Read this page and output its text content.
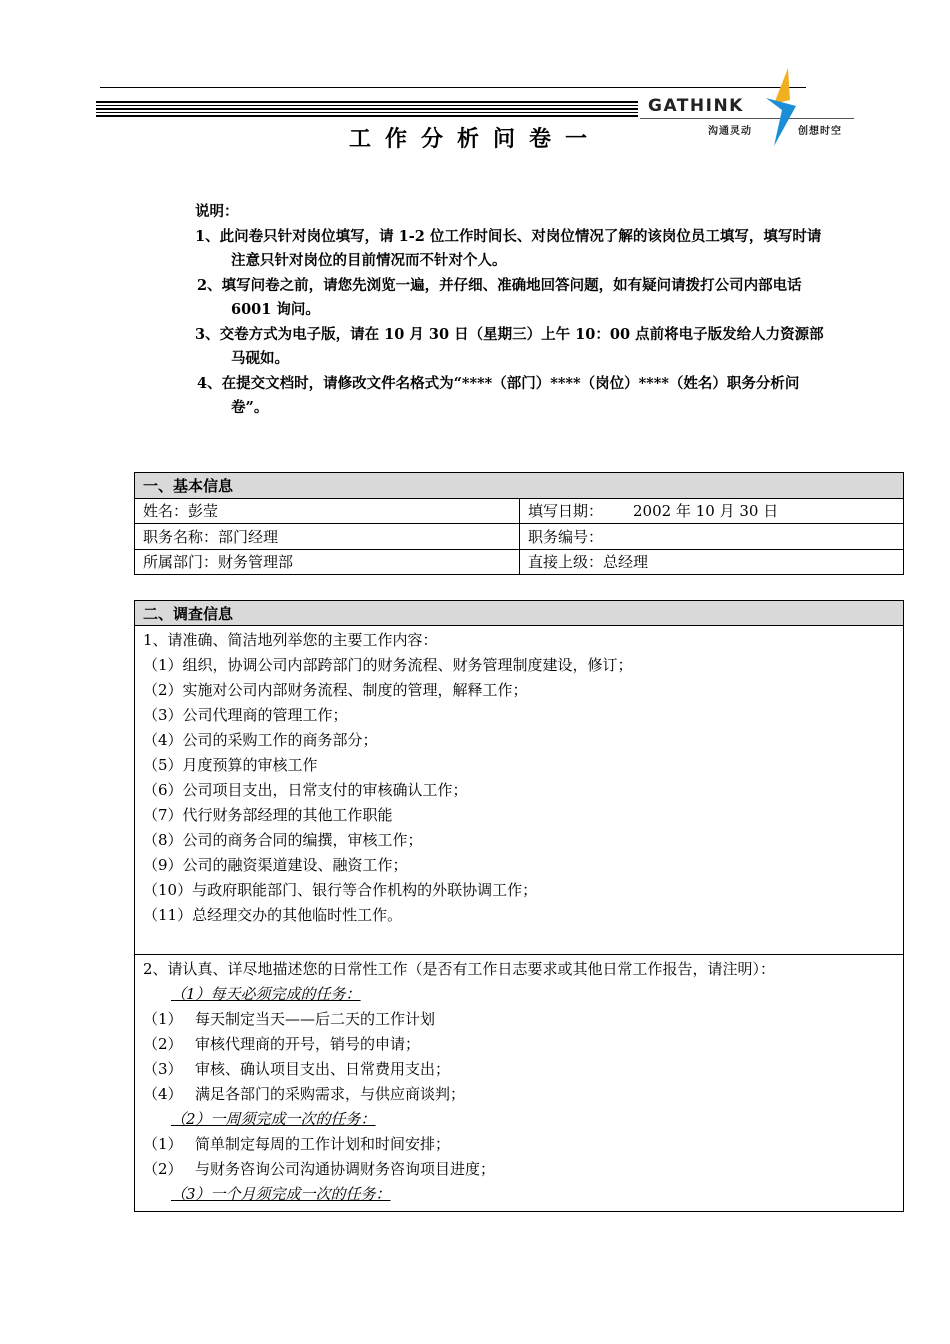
GATHINK
沟通灵动	创想时空
工作分析问卷一
说明：
1、此问卷只针对岗位填写，请 1-2 位工作时间长、对岗位情况了解的该岗位员工填写，填写时请注意只针对岗位的目前情况而不针对个人。
2、填写问卷之前，请您先浏览一遍，并仔细、准确地回答问题，如有疑问请拨打公司内部电话 6001 询问。
3、交卷方式为电子版，请在 10 月 30 日（星期三）上午 10：00 点前将电子版发给人力资源部马砚如。
4、在提交文档时，请修改文件名格式为“****（部门）****（岗位）****（姓名）职务分析问卷”。
一、基本信息	
姓名：彭莹	填写日期： 2002 年 10 月 30 日
职务名称：部门经理	职务编号：
所属部门：财务管理部	直接上级：总经理
二、调查信息

1、请准确、简洁地列举您的主要工作内容：
（1）组织，协调公司内部跨部门的财务流程、财务管理制度建设，修订；
（2）实施对公司内部财务流程、制度的管理，解释工作；
（3）公司代理商的管理工作；
（4）公司的采购工作的商务部分；
（5）月度预算的审核工作
（6）公司项目支出，日常支付的审核确认工作；
（7）代行财务部经理的其他工作职能
（8）公司的商务合同的编撰，审核工作；
（9）公司的融资渠道建设、融资工作；
（10）与政府职能部门、银行等合作机构的外联协调工作；
（11）总经理交办的其他临时性工作。

2、请认真、详尽地描述您的日常性工作（是否有工作日志要求或其他日常工作报告，请注明）：
（1）每天必须完成的任务：
（1） 每天制定当天——后二天的工作计划
（2） 审核代理商的开号，销号的申请；
（3） 审核、确认项目支出、日常费用支出；
（4） 满足各部门的采购需求，与供应商谈判；
（2）一周须完成一次的任务：
（1） 简单制定每周的工作计划和时间安排；
（2） 与财务咨询公司沟通协调财务咨询项目进度；
（3）一个月须完成一次的任务：
